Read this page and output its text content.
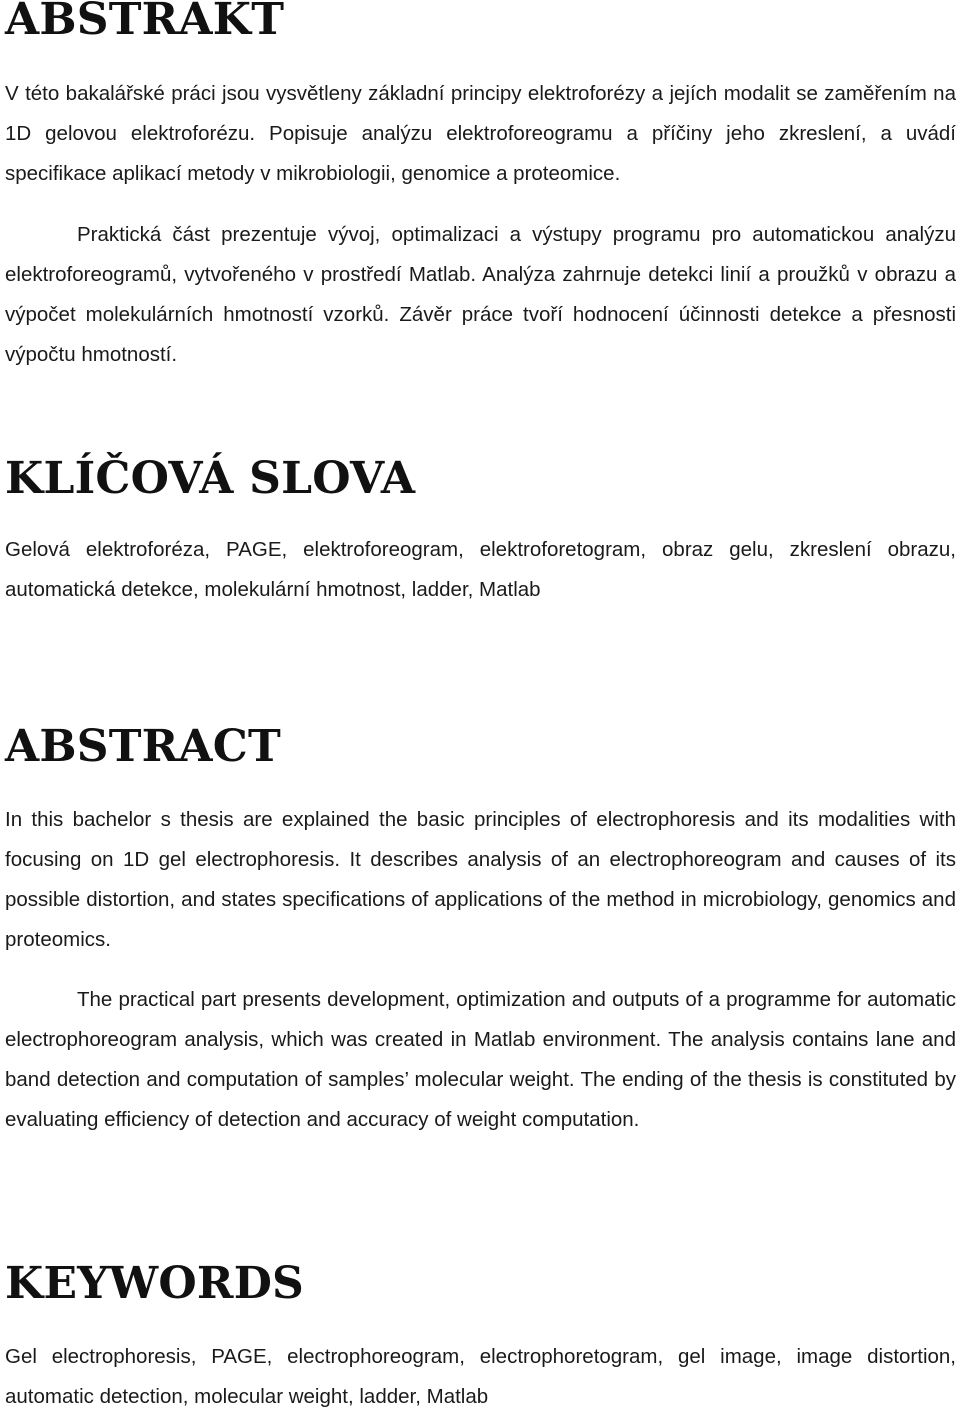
ABSTRAKT

V této bakalářské práci jsou vysvětleny základní principy elektroforézy a jejích modalit se zaměřením na 1D gelovou elektroforézu. Popisuje analýzu elektroforeogramu a příčiny jeho zkreslení, a uvádí specifikace aplikací metody v mikrobiologii, genomice a proteomice.

Praktická část prezentuje vývoj, optimalizaci a výstupy programu pro automatickou analýzu elektroforeogramů, vytvořeného v prostředí Matlab. Analýza zahrnuje detekci linií a proužků v obrazu a výpočet molekulárních hmotností vzorků. Závěr práce tvoří hodnocení účinnosti detekce a přesnosti výpočtu hmotností.

KLÍČOVÁ SLOVA

Gelová elektroforéza, PAGE, elektroforeogram, elektroforetogram, obraz gelu, zkreslení obrazu, automatická detekce, molekulární hmotnost, ladder, Matlab

ABSTRACT

In this bachelor s thesis are explained the basic principles of electrophoresis and its modalities with focusing on 1D gel electrophoresis. It describes analysis of an electrophoreogram and causes of its possible distortion, and states specifications of applications of the method in microbiology, genomics and proteomics.

The practical part presents development, optimization and outputs of a programme for automatic electrophoreogram analysis, which was created in Matlab environment. The analysis contains lane and band detection and computation of samples’ molecular weight. The ending of the thesis is constituted by evaluating efficiency of detection and accuracy of weight computation.

KEYWORDS

Gel electrophoresis, PAGE, electrophoreogram, electrophoretogram, gel image, image distortion, automatic detection, molecular weight, ladder, Matlab
